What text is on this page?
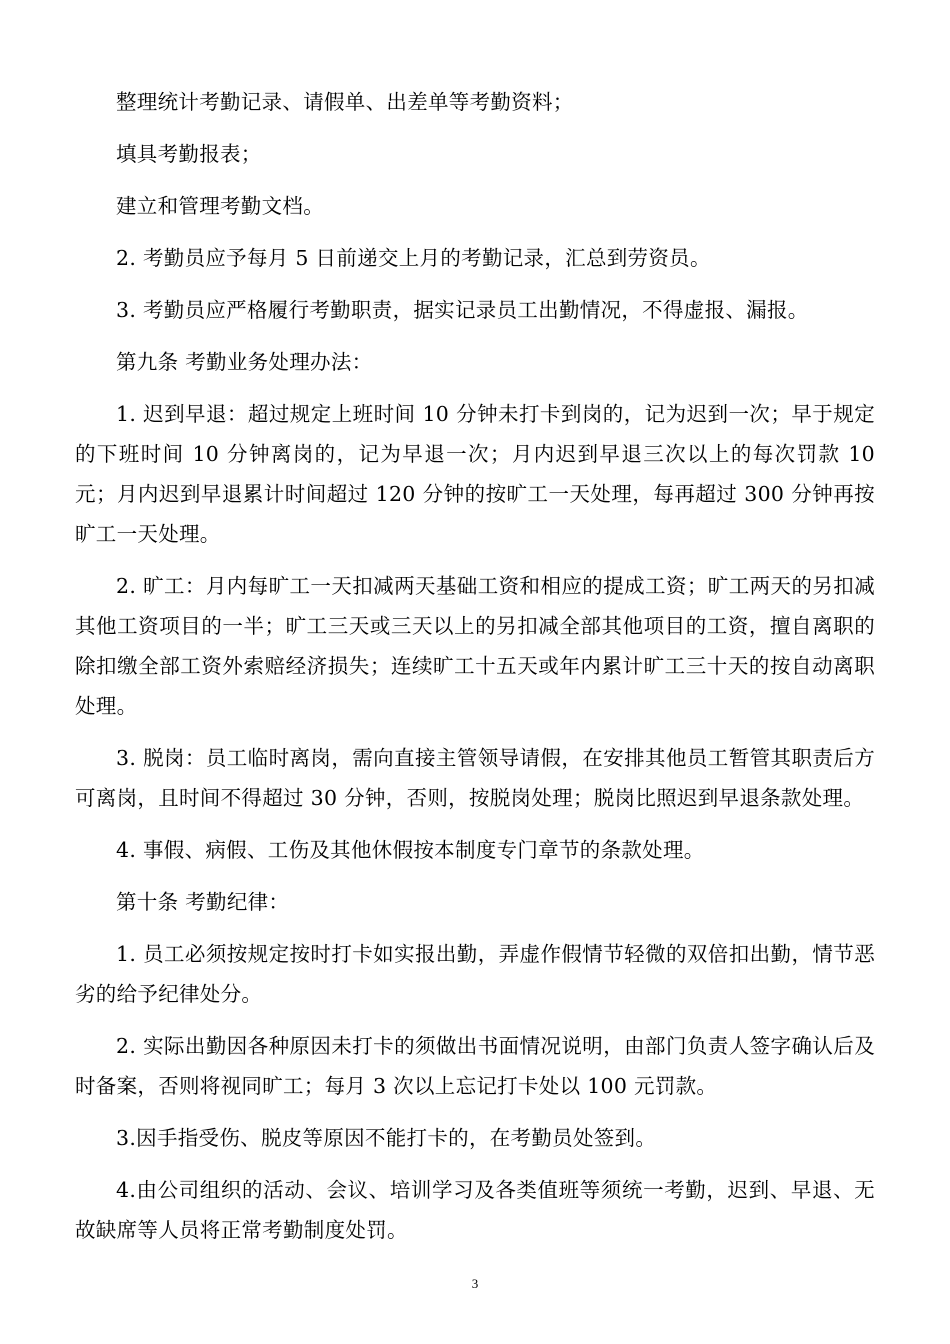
整理统计考勤记录、请假单、出差单等考勤资料；

填具考勤报表；

建立和管理考勤文档。

2. 考勤员应予每月 5 日前递交上月的考勤记录，汇总到劳资员。

3. 考勤员应严格履行考勤职责，据实记录员工出勤情况，不得虚报、漏报。

第九条 考勤业务处理办法：

1. 迟到早退：超过规定上班时间 10 分钟未打卡到岗的，记为迟到一次；早于规定的下班时间 10 分钟离岗的，记为早退一次；月内迟到早退三次以上的每次罚款 10 元；月内迟到早退累计时间超过 120 分钟的按旷工一天处理，每再超过 300 分钟再按旷工一天处理。

2. 旷工：月内每旷工一天扣减两天基础工资和相应的提成工资；旷工两天的另扣减其他工资项目的一半；旷工三天或三天以上的另扣减全部其他项目的工资，擅自离职的除扣缴全部工资外索赔经济损失；连续旷工十五天或年内累计旷工三十天的按自动离职处理。

3. 脱岗：员工临时离岗，需向直接主管领导请假，在安排其他员工暂管其职责后方可离岗，且时间不得超过 30 分钟，否则，按脱岗处理；脱岗比照迟到早退条款处理。

4. 事假、病假、工伤及其他休假按本制度专门章节的条款处理。

第十条 考勤纪律：

1. 员工必须按规定按时打卡如实报出勤，弄虚作假情节轻微的双倍扣出勤，情节恶劣的给予纪律处分。

2. 实际出勤因各种原因未打卡的须做出书面情况说明，由部门负责人签字确认后及时备案，否则将视同旷工；每月 3 次以上忘记打卡处以 100 元罚款。

3.因手指受伤、脱皮等原因不能打卡的，在考勤员处签到。

4.由公司组织的活动、会议、培训学习及各类值班等须统一考勤，迟到、早退、无故缺席等人员将正常考勤制度处罚。

3
